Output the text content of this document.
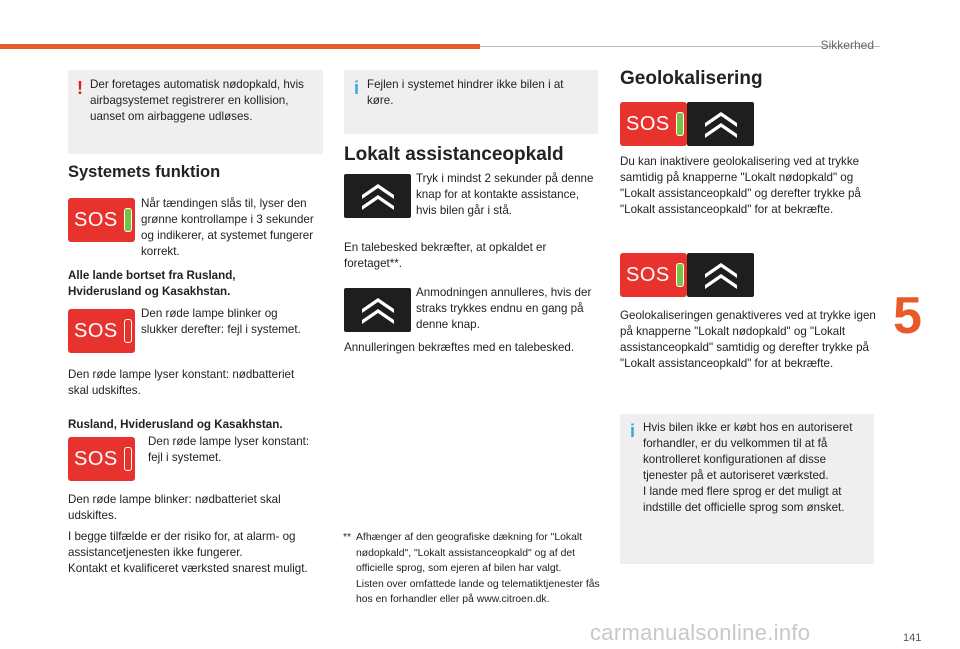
Sikkerhed
5
141
carmanualsonline.info
! Der foretages automatisk nødopkald, hvis airbagsystemet registrerer en kollision, uanset om airbaggene udløses.
Systemets funktion
SOS
Når tændingen slås til, lyser den grønne kontrollampe i 3 sekunder og indikerer, at systemet fungerer korrekt.
Alle lande bortset fra Rusland, Hviderusland og Kasakhstan.
SOS
Den røde lampe blinker og slukker derefter: fejl i systemet.
Den røde lampe lyser konstant: nødbatteriet skal udskiftes.
Rusland, Hviderusland og Kasakhstan.
SOS
Den røde lampe lyser konstant: fejl i systemet.
Den røde lampe blinker: nødbatteriet skal udskiftes.
I begge tilfælde er der risiko for, at alarm- og assistancetjenesten ikke fungerer.
Kontakt et kvalificeret værksted snarest muligt.
i Fejlen i systemet hindrer ikke bilen i at køre.
Lokalt assistanceopkald
Tryk i mindst 2 sekunder på denne knap for at kontakte assistance, hvis bilen går i stå.
En talebesked bekræfter, at opkaldet er foretaget**.
Anmodningen annulleres, hvis der straks trykkes endnu en gang på denne knap.
Annulleringen bekræftes med en talebesked.
** Afhænger af den geografiske dækning for "Lokalt nødopkald", "Lokalt assistanceopkald" og af det officielle sprog, som ejeren af bilen har valgt.
Listen over omfattede lande og telematiktjenester fås hos en forhandler eller på www.citroen.dk.
Geolokalisering
SOS
Du kan inaktivere geolokalisering ved at trykke samtidig på knapperne "Lokalt nødopkald" og "Lokalt assistanceopkald" og derefter trykke på "Lokalt assistanceopkald" for at bekræfte.
SOS
Geolokaliseringen genaktiveres ved at trykke igen på knapperne "Lokalt nødopkald" og "Lokalt assistanceopkald" samtidig og derefter trykke på "Lokalt assistanceopkald" for at bekræfte.
i Hvis bilen ikke er købt hos en autoriseret forhandler, er du velkommen til at få kontrolleret konfigurationen af disse tjenester på et autoriseret værksted.
I lande med flere sprog er det muligt at indstille det officielle sprog som ønsket.
